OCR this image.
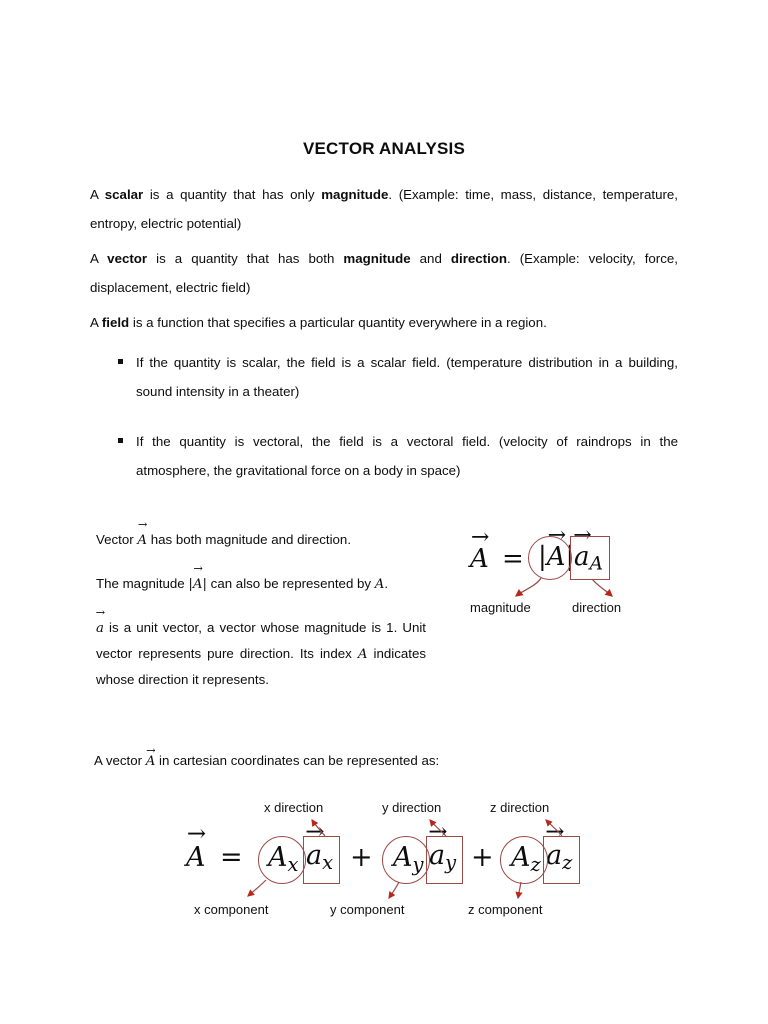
VECTOR ANALYSIS

A scalar is a quantity that has only magnitude. (Example: time, mass, distance, temperature, entropy, electric potential)

A vector is a quantity that has both magnitude and direction. (Example: velocity, force, displacement, electric field)

A field is a function that specifies a particular quantity everywhere in a region.

If the quantity is scalar, the field is a scalar field. (temperature distribution in a building, sound intensity in a theater)
If the quantity is vectoral, the field is a vectoral field. (velocity of raindrops in the atmosphere, the gravitational force on a body in space)
Vector
→
A has both magnitude and direction.
The magnitude |
→
A| can also be represented by A.
→
a is a unit vector, a vector whose magnitude is 1. Unit vector represents pure direction. Its index A indicates whose direction it represents.
→
A = |
→
A|
→
$a_A$
magnitude	direction
A vector
→
A in cartesian coordinates can be represented as:
x direction	y direction	z direction
→
$A = A_x$
→
$a_x + A_y$
→
$a_y + A_z$
→
$a_z$
x component	y component	z component
